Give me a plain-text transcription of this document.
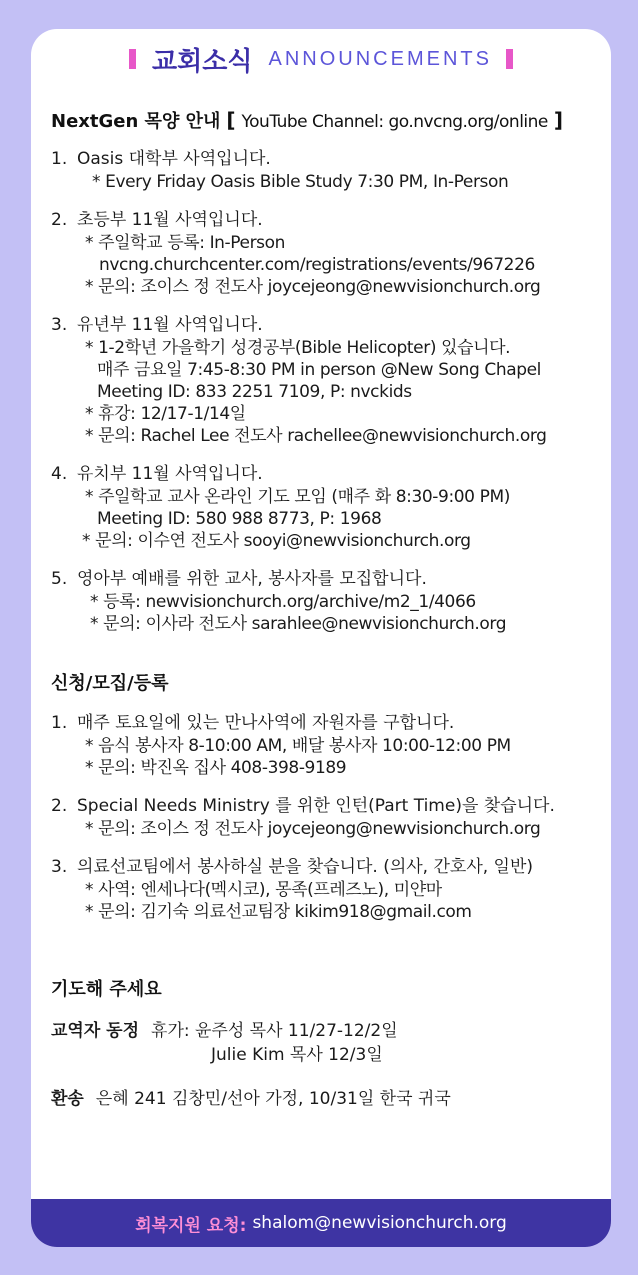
교회소식 ANNOUNCEMENTS
NextGen 목양 안내 [ YouTube Channel: go.nvcng.org/online ]
1. Oasis 대학부 사역입니다.
* Every Friday Oasis Bible Study 7:30 PM, In-Person
2. 초등부 11월 사역입니다.
* 주일학교 등록: In-Person
nvcng.churchcenter.com/registrations/events/967226
* 문의: 조이스 정 전도사 joycejeong@newvisionchurch.org
3. 유년부 11월 사역입니다.
* 1-2학년 가을학기 성경공부(Bible Helicopter) 있습니다.
매주 금요일 7:45-8:30 PM in person @New Song Chapel
Meeting ID: 833 2251 7109, P: nvckids
* 휴강: 12/17-1/14일
* 문의: Rachel Lee 전도사 rachellee@newvisionchurch.org
4. 유치부 11월 사역입니다.
* 주일학교 교사 온라인 기도 모임 (매주 화 8:30-9:00 PM)
Meeting ID: 580 988 8773, P: 1968
* 문의: 이수연 전도사 sooyi@newvisionchurch.org
5. 영아부 예배를 위한 교사, 봉사자를 모집합니다.
* 등록: newvisionchurch.org/archive/m2_1/4066
* 문의: 이사라 전도사 sarahlee@newvisionchurch.org
신청/모집/등록
1. 매주 토요일에 있는 만나사역에 자원자를 구합니다.
* 음식 봉사자 8-10:00 AM, 배달 봉사자 10:00-12:00 PM
* 문의: 박진옥 집사 408-398-9189
2. Special Needs Ministry 를 위한 인턴(Part Time)을 찾습니다.
* 문의: 조이스 정 전도사 joycejeong@newvisionchurch.org
3. 의료선교팀에서 봉사하실 분을 찾습니다. (의사, 간호사, 일반)
* 사역: 엔세나다(멕시코), 몽족(프레즈노), 미얀마
* 문의: 김기숙 의료선교팀장 kikim918@gmail.com
기도해 주세요
교역자 동정 휴가: 윤주성 목사 11/27-12/2일
Julie Kim 목사 12/3일
환송 은혜 241 김창민/선아 가정, 10/31일 한국 귀국
회복지원 요청: shalom@newvisionchurch.org
